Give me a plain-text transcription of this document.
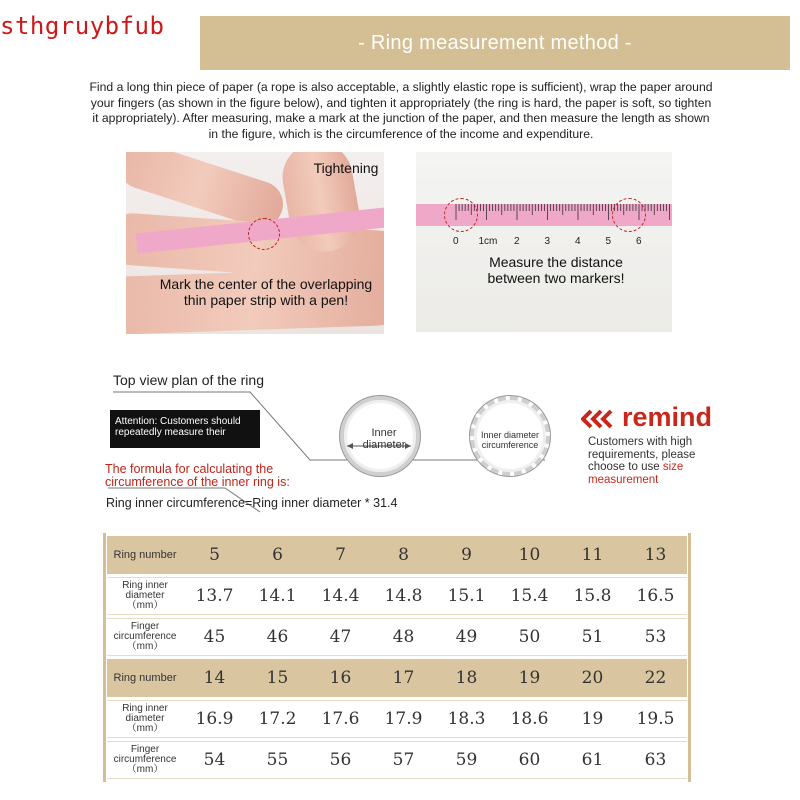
sthgruybfub
- Ring measurement method -
Find a long thin piece of paper (a rope is also acceptable, a slightly elastic rope is sufficient), wrap the paper around your fingers (as shown in the figure below), and tighten it appropriately (the ring is hard, the paper is soft, so tighten it appropriately). After measuring, make a mark at the junction of the paper, and then measure the length as shown in the figure, which is the circumference of the income and expenditure.
Tightening
Mark the center of the overlapping
thin paper strip with a pen!
0 1cm 2 3 4 5 6
Measure the distance
between two markers!
Top view plan of the ring
Attention: Customers should repeatedly measure their
The formula for calculating the
circumference of the inner ring is:
Ring inner circumference=Ring inner diameter * 31.4
Inner
diameter
Inner diameter
circumference
remind
Customers with high requirements, please choose to use size measurement
Ring number	5	6	7	8	9	10	11	13

Ring inner
diameter
（mm）	13.7	14.1	14.4	14.8	15.1	15.4	15.8	16.5

Finger
circumference
（mm）	45	46	47	48	49	50	51	53
Ring number	14	15	16	17	18	19	20	22

Ring inner
diameter
（mm）	16.9	17.2	17.6	17.9	18.3	18.6	19	19.5

Finger
circumference
（mm）	54	55	56	57	59	60	61	63
